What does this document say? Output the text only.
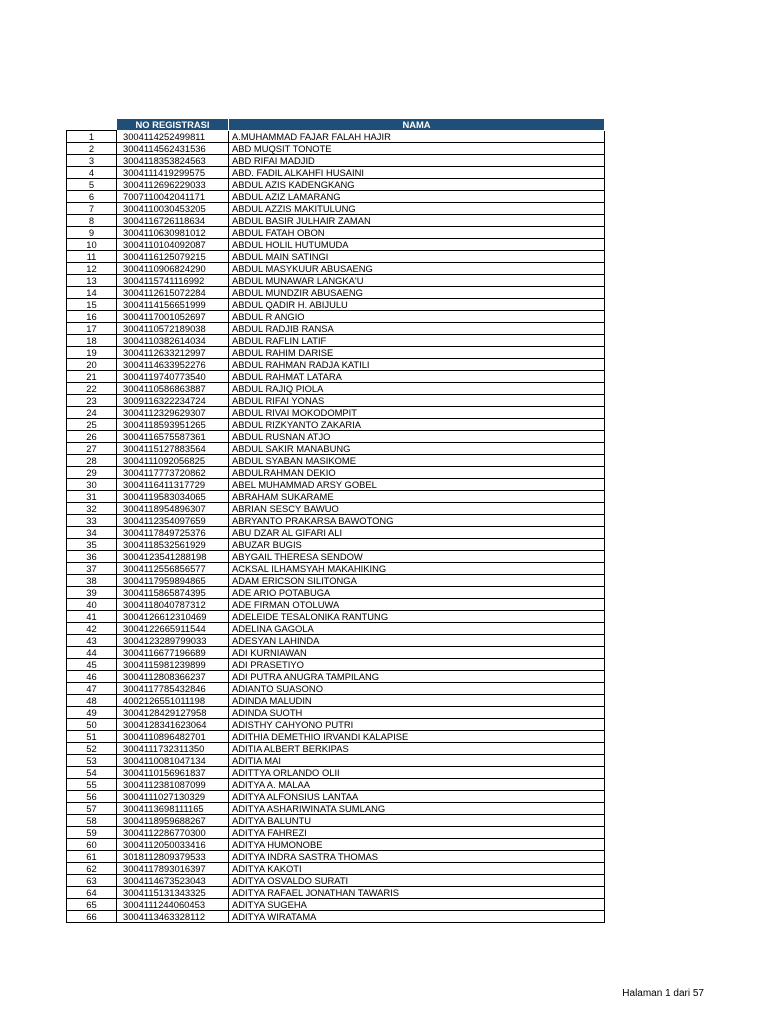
	NO REGISTRASI	NAMA
1	3004114252499811	A.MUHAMMAD FAJAR FALAH HAJIR
2	3004114562431536	ABD MUQSIT TONOTE
3	3004118353824563	ABD RIFAI MADJID
4	3004111419299575	ABD. FADIL ALKAHFI HUSAINI
5	3004112696229033	ABDUL AZIS KADENGKANG
6	7007110042041171	ABDUL AZIZ LAMARANG
7	3004110030453205	ABDUL AZZIS MAKITULUNG
8	3004116726118634	ABDUL BASIR JULHAIR ZAMAN
9	3004110630981012	ABDUL FATAH OBON
10	3004110104092087	ABDUL HOLIL HUTUMUDA
11	3004116125079215	ABDUL MAIN SATINGI
12	3004110906824290	ABDUL MASYKUUR ABUSAENG
13	3004115741116992	ABDUL MUNAWAR LANGKA'U
14	3004112615072284	ABDUL MUNDZIR ABUSAENG
15	3004114156651999	ABDUL QADIR H. ABIJULU
16	3004117001052697	ABDUL R ANGIO
17	3004110572189038	ABDUL RADJIB RANSA
18	3004110382614034	ABDUL RAFLIN LATIF
19	3004112633212997	ABDUL RAHIM DARISE
20	3004114633952276	ABDUL RAHMAN RADJA KATILI
21	3004119740773540	ABDUL RAHMAT LATARA
22	3004110586863887	ABDUL RAJIQ PIOLA
23	3009116322234724	ABDUL RIFAI YONAS
24	3004112329629307	ABDUL RIVAI MOKODOMPIT
25	3004118593951265	ABDUL RIZKYANTO ZAKARIA
26	3004116575587361	ABDUL RUSNAN ATJO
27	3004115127883564	ABDUL SAKIR MANABUNG
28	3004111092056825	ABDUL SYABAN MASIKOME
29	3004117773720862	ABDULRAHMAN DEKIO
30	3004116411317729	ABEL MUHAMMAD ARSY GOBEL
31	3004119583034065	ABRAHAM SUKARAME
32	3004118954896307	ABRIAN SESCY BAWUO
33	3004112354097659	ABRYANTO PRAKARSA BAWOTONG
34	3004117849725376	ABU DZAR AL GIFARI ALI
35	3004118532561929	ABUZAR BUGIS
36	3004123541288198	ABYGAIL THERESA SENDOW
37	3004112556856577	ACKSAL ILHAMSYAH MAKAHIKING
38	3004117959894865	ADAM ERICSON SILITONGA
39	3004115865874395	ADE ARIO POTABUGA
40	3004118040787312	ADE FIRMAN OTOLUWA
41	3004126612310469	ADELEIDE TESALONIKA RANTUNG
42	3004122665911544	ADELINA GAGOLA
43	3004123289799033	ADESYAN LAHINDA
44	3004116677196689	ADI KURNIAWAN
45	3004115981239899	ADI PRASETIYO
46	3004112808366237	ADI PUTRA ANUGRA TAMPILANG
47	3004117785432846	ADIANTO SUASONO
48	4002126551011198	ADINDA MALUDIN
49	3004128429127958	ADINDA SUOTH
50	3004128341623064	ADISTHY CAHYONO PUTRI
51	3004110896482701	ADITHIA DEMETHIO IRVANDI KALAPISE
52	3004111732311350	ADITIA ALBERT BERKIPAS
53	3004110081047134	ADITIA MAI
54	3004110156961837	ADITTYA ORLANDO OLII
55	3004112381087099	ADITYA A. MALAA
56	3004111027130329	ADITYA ALFONSIUS LANTAA
57	3004113698111165	ADITYA ASHARIWINATA SUMLANG
58	3004118959688267	ADITYA BALUNTU
59	3004112286770300	ADITYA FAHREZI
60	3004112050033416	ADITYA HUMONOBE
61	3018112809379533	ADITYA INDRA SASTRA THOMAS
62	3004117893016397	ADITYA KAKOTI
63	3004114673523043	ADITYA OSVALDO SURATI
64	3004115131343325	ADITYA RAFAEL JONATHAN TAWARIS
65	3004111244060453	ADITYA SUGEHA
66	3004113463328112	ADITYA WIRATAMA
Halaman 1 dari 57
